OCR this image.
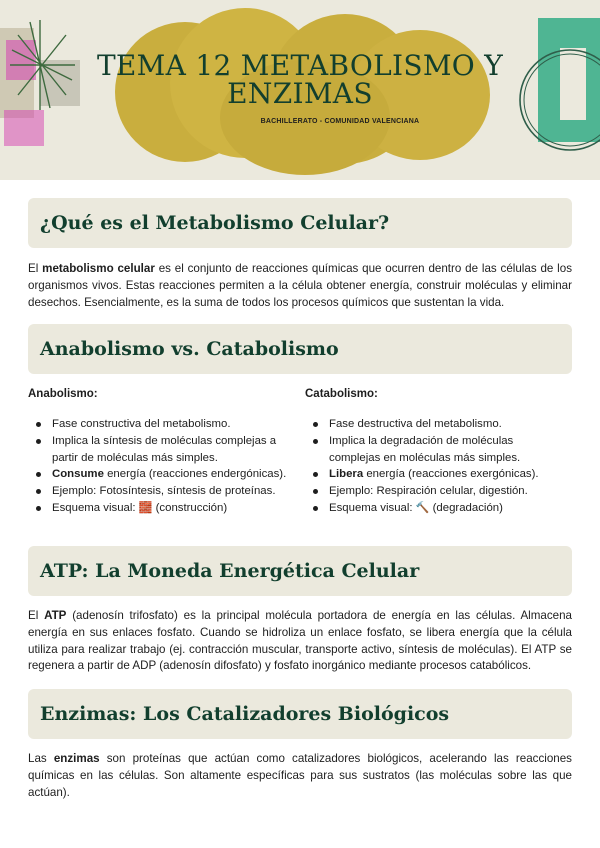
TEMA 12 METABOLISMO Y
ENZIMAS
BACHILLERATO - COMUNIDAD VALENCIANA
¿Qué es el Metabolismo Celular?
El metabolismo celular es el conjunto de reacciones químicas que ocurren dentro de las células de los organismos vivos. Estas reacciones permiten a la célula obtener energía, construir moléculas y eliminar desechos. Esencialmente, es la suma de todos los procesos químicos que sustentan la vida.
Anabolismo vs. Catabolismo
Anabolismo:
Fase constructiva del metabolismo.
Implica la síntesis de moléculas complejas a partir de moléculas más simples.
Consume energía (reacciones endergónicas).
Ejemplo: Fotosíntesis, síntesis de proteínas.
Esquema visual: 🧱 (construcción)
Catabolismo:
Fase destructiva del metabolismo.
Implica la degradación de moléculas complejas en moléculas más simples.
Libera energía (reacciones exergónicas).
Ejemplo: Respiración celular, digestión.
Esquema visual: 🔨 (degradación)
ATP: La Moneda Energética Celular
El ATP (adenosín trifosfato) es la principal molécula portadora de energía en las células. Almacena energía en sus enlaces fosfato. Cuando se hidroliza un enlace fosfato, se libera energía que la célula utiliza para realizar trabajo (ej. contracción muscular, transporte activo, síntesis de moléculas). El ATP se regenera a partir de ADP (adenosín difosfato) y fosfato inorgánico mediante procesos catabólicos.
Enzimas: Los Catalizadores Biológicos
Las enzimas son proteínas que actúan como catalizadores biológicos, acelerando las reacciones químicas en las células. Son altamente específicas para sus sustratos (las moléculas sobre las que actúan).
